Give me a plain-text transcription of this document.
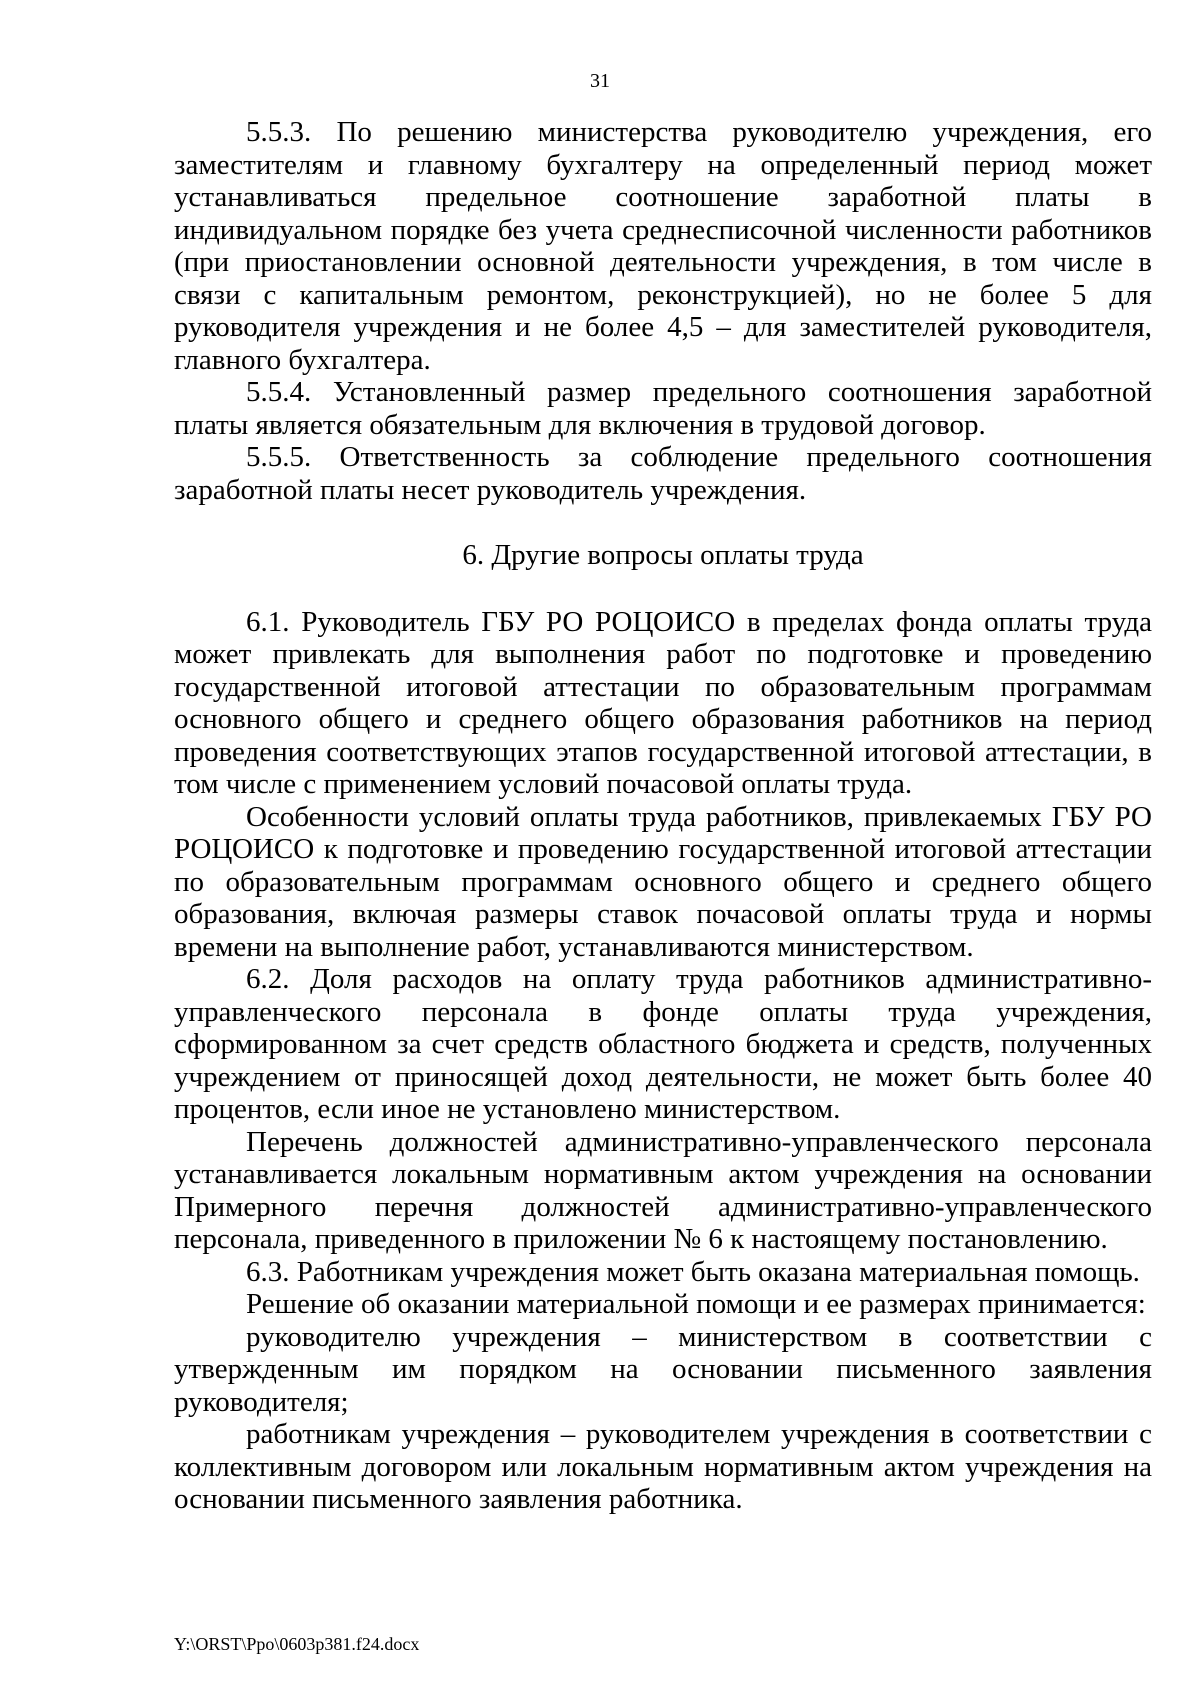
31

5.5.3. По решению министерства руководителю учреждения, его заместителям и главному бухгалтеру на определенный период может устанавливаться предельное соотношение заработной платы в индивидуальном порядке без учета среднесписочной численности работников (при приостановлении основной деятельности учреждения, в том числе в связи с капитальным ремонтом, реконструкцией), но не более 5 для руководителя учреждения и не более 4,5 – для заместителей руководителя, главного бухгалтера.

5.5.4. Установленный размер предельного соотношения заработной платы является обязательным для включения в трудовой договор.

5.5.5. Ответственность за соблюдение предельного соотношения заработной платы несет руководитель учреждения.

6. Другие вопросы оплаты труда

6.1. Руководитель ГБУ РО РОЦОИСО в пределах фонда оплаты труда может привлекать для выполнения работ по подготовке и проведению государственной итоговой аттестации по образовательным программам основного общего и среднего общего образования работников на период проведения соответствующих этапов государственной итоговой аттестации, в том числе с применением условий почасовой оплаты труда.

Особенности условий оплаты труда работников, привлекаемых ГБУ РО РОЦОИСО к подготовке и проведению государственной итоговой аттестации по образовательным программам основного общего и среднего общего образования, включая размеры ставок почасовой оплаты труда и нормы времени на выполнение работ, устанавливаются министерством.

6.2. Доля расходов на оплату труда работников административно-управленческого персонала в фонде оплаты труда учреждения, сформированном за счет средств областного бюджета и средств, полученных учреждением от приносящей доход деятельности, не может быть более 40 процентов, если иное не установлено министерством.

Перечень должностей административно-управленческого персонала устанавливается локальным нормативным актом учреждения на основании Примерного перечня должностей административно-управленческого персонала, приведенного в приложении № 6 к настоящему постановлению.

6.3. Работникам учреждения может быть оказана материальная помощь.

Решение об оказании материальной помощи и ее размерах принимается:

руководителю учреждения – министерством в соответствии с утвержденным им порядком на основании письменного заявления руководителя;

работникам учреждения – руководителем учреждения в соответствии с коллективным договором или локальным нормативным актом учреждения на основании письменного заявления работника.

Y:\ORST\Ppo\0603p381.f24.docx
